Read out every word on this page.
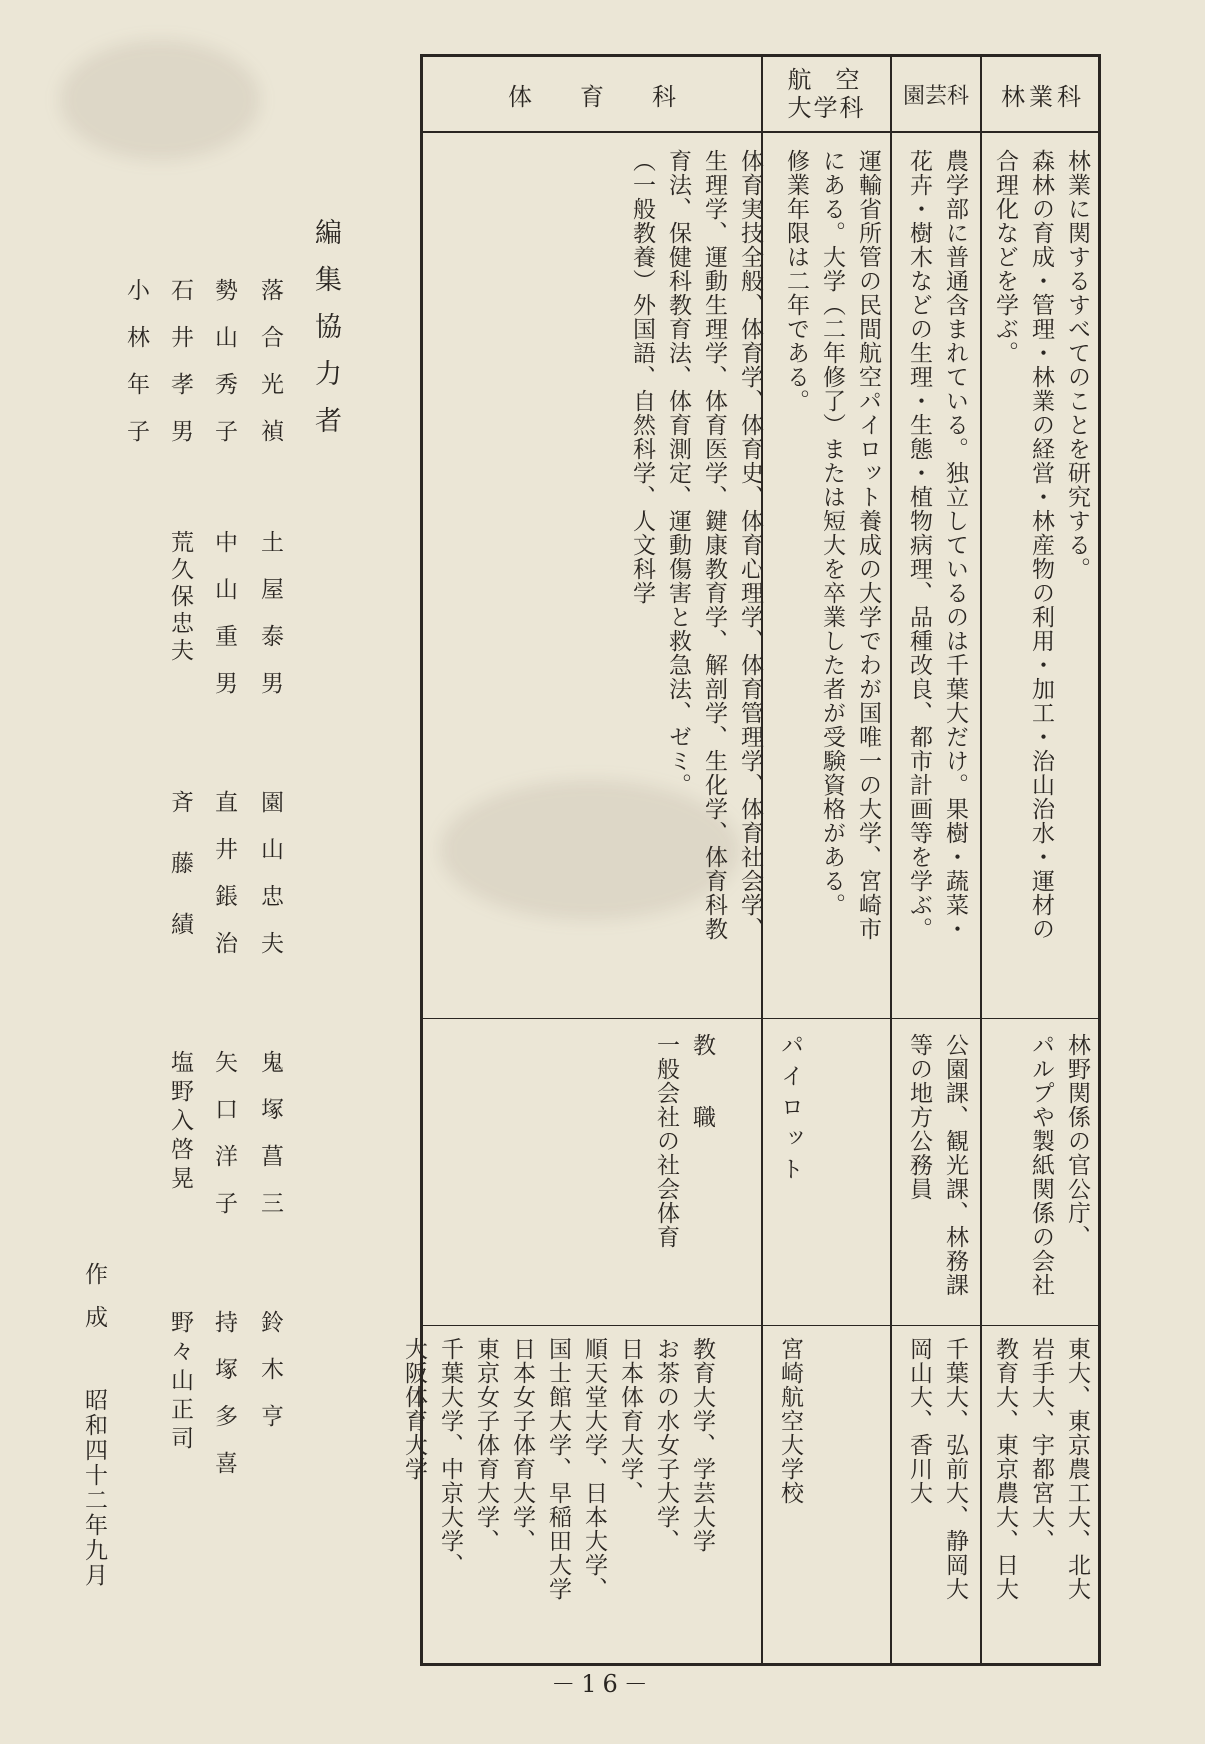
編集協力者
落合光禎
土屋泰男
園山忠夫
鬼塚菖三
鈴木亨
勢山秀子
中山重男
直井鋹治
矢口洋子
持塚多喜
石井孝男
荒久保忠夫
斉藤績
塩野入啓晃
野々山正司
小林年子
作成昭和四十二年九月
林業科
園芸科
航空
大学科
体　　育　　科
林業に関するすべてのことを研究する。
森林の育成・管理・林業の経営・林産物の利用・加工・治山治水・運材の
合理化などを学ぶ。
農学部に普通含まれている。独立しているのは千葉大だけ。果樹・蔬菜・
花卉・樹木などの生理・生態・植物病理、品種改良、都市計画等を学ぶ。
運輸省所管の民間航空パイロット養成の大学でわが国唯一の大学、宮崎市
にある。大学（二年修了）または短大を卒業した者が受験資格がある。
修業年限は二年である。
体育実技全般、体育学、体育史、体育心理学、体育管理学、体育社会学、
生理学、運動生理学、体育医学、鍵康教育学、解剖学、生化学、体育科教
育法、保健科教育法、体育測定、運動傷害と救急法、ゼミ。
（一般教養）外国語、自然科学、人文科学
林野関係の官公庁、
パルプや製紙関係の会社
公園課、観光課、林務課
等の地方公務員
パイロット
教　　職
一般会社の社会体育
東大、東京農工大、北大
岩手大、宇都宮大、
教育大、東京農大、日大
千葉大、弘前大、静岡大
岡山大、香川大
宮崎航空大学校
教育大学、学芸大学
お茶の水女子大学、
日本体育大学、
順天堂大学、日本大学、
国士館大学、早稲田大学
日本女子体育大学、
東京女子体育大学、
千葉大学、中京大学、
大阪体育大学
－16－
